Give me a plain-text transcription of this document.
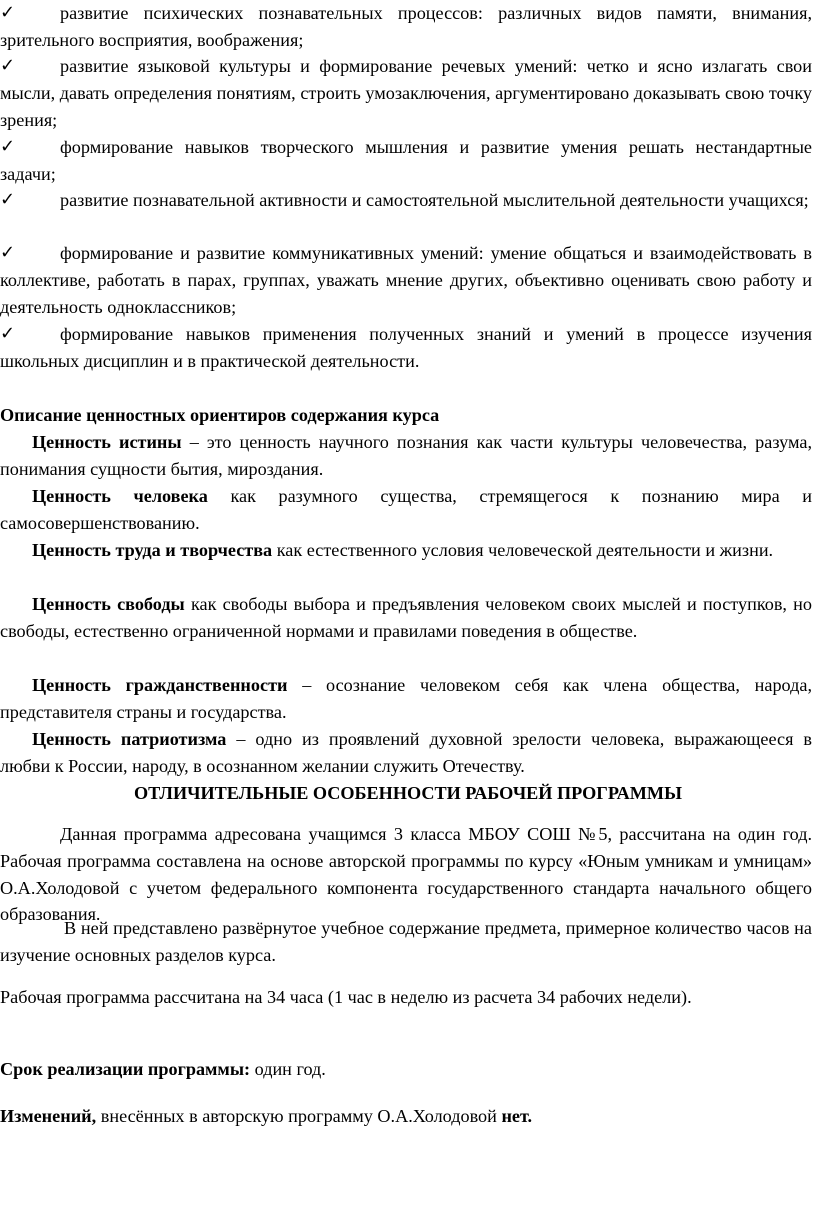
✓	развитие психических познавательных процессов: различных видов памяти, внимания, зрительного восприятия, воображения;
✓	развитие языковой культуры и формирование речевых умений: четко и ясно излагать свои мысли, давать определения понятиям, строить умозаключения, аргументировано доказывать свою точку зрения;
✓	формирование навыков творческого мышления и развитие умения решать нестандартные задачи;
✓	развитие познавательной активности и самостоятельной мыслительной деятельности учащихся;
✓	формирование и развитие коммуникативных умений: умение общаться и взаимодействовать в коллективе, работать в парах, группах, уважать мнение других, объективно оценивать свою работу и деятельность одноклассников;
✓	формирование навыков применения полученных знаний и умений в процессе изучения школьных дисциплин и в практической деятельности.
Описание ценностных ориентиров содержания курса
Ценность истины – это ценность научного познания как части культуры человечества, разума, понимания сущности бытия, мироздания.
Ценность человека как разумного существа, стремящегося к познанию мира и самосовершенствованию.
Ценность труда и творчества как естественного условия человеческой деятельности и жизни.
Ценность свободы как свободы выбора и предъявления человеком своих мыслей и поступков, но свободы, естественно ограниченной нормами и правилами поведения в обществе.
Ценность гражданственности – осознание человеком себя как члена общества, народа, представителя страны и государства.
Ценность патриотизма – одно из проявлений духовной зрелости человека, выражающееся в любви к России, народу, в осознанном желании служить Отечеству.
ОТЛИЧИТЕЛЬНЫЕ ОСОБЕННОСТИ РАБОЧЕЙ ПРОГРАММЫ
Данная программа адресована учащимся 3 класса МБОУ СОШ №5, рассчитана на один год. Рабочая программа составлена на основе авторской программы по курсу «Юным умникам и умницам» О.А.Холодовой с учетом федерального компонента государственного стандарта начального общего образования.
В ней представлено развёрнутое учебное содержание предмета, примерное количество часов на изучение основных разделов курса.
Рабочая программа рассчитана на 34 часа (1 час в неделю из расчета 34 рабочих недели).
Срок реализации программы: один год.
Изменений, внесённых в авторскую программу О.А.Холодовой нет.
